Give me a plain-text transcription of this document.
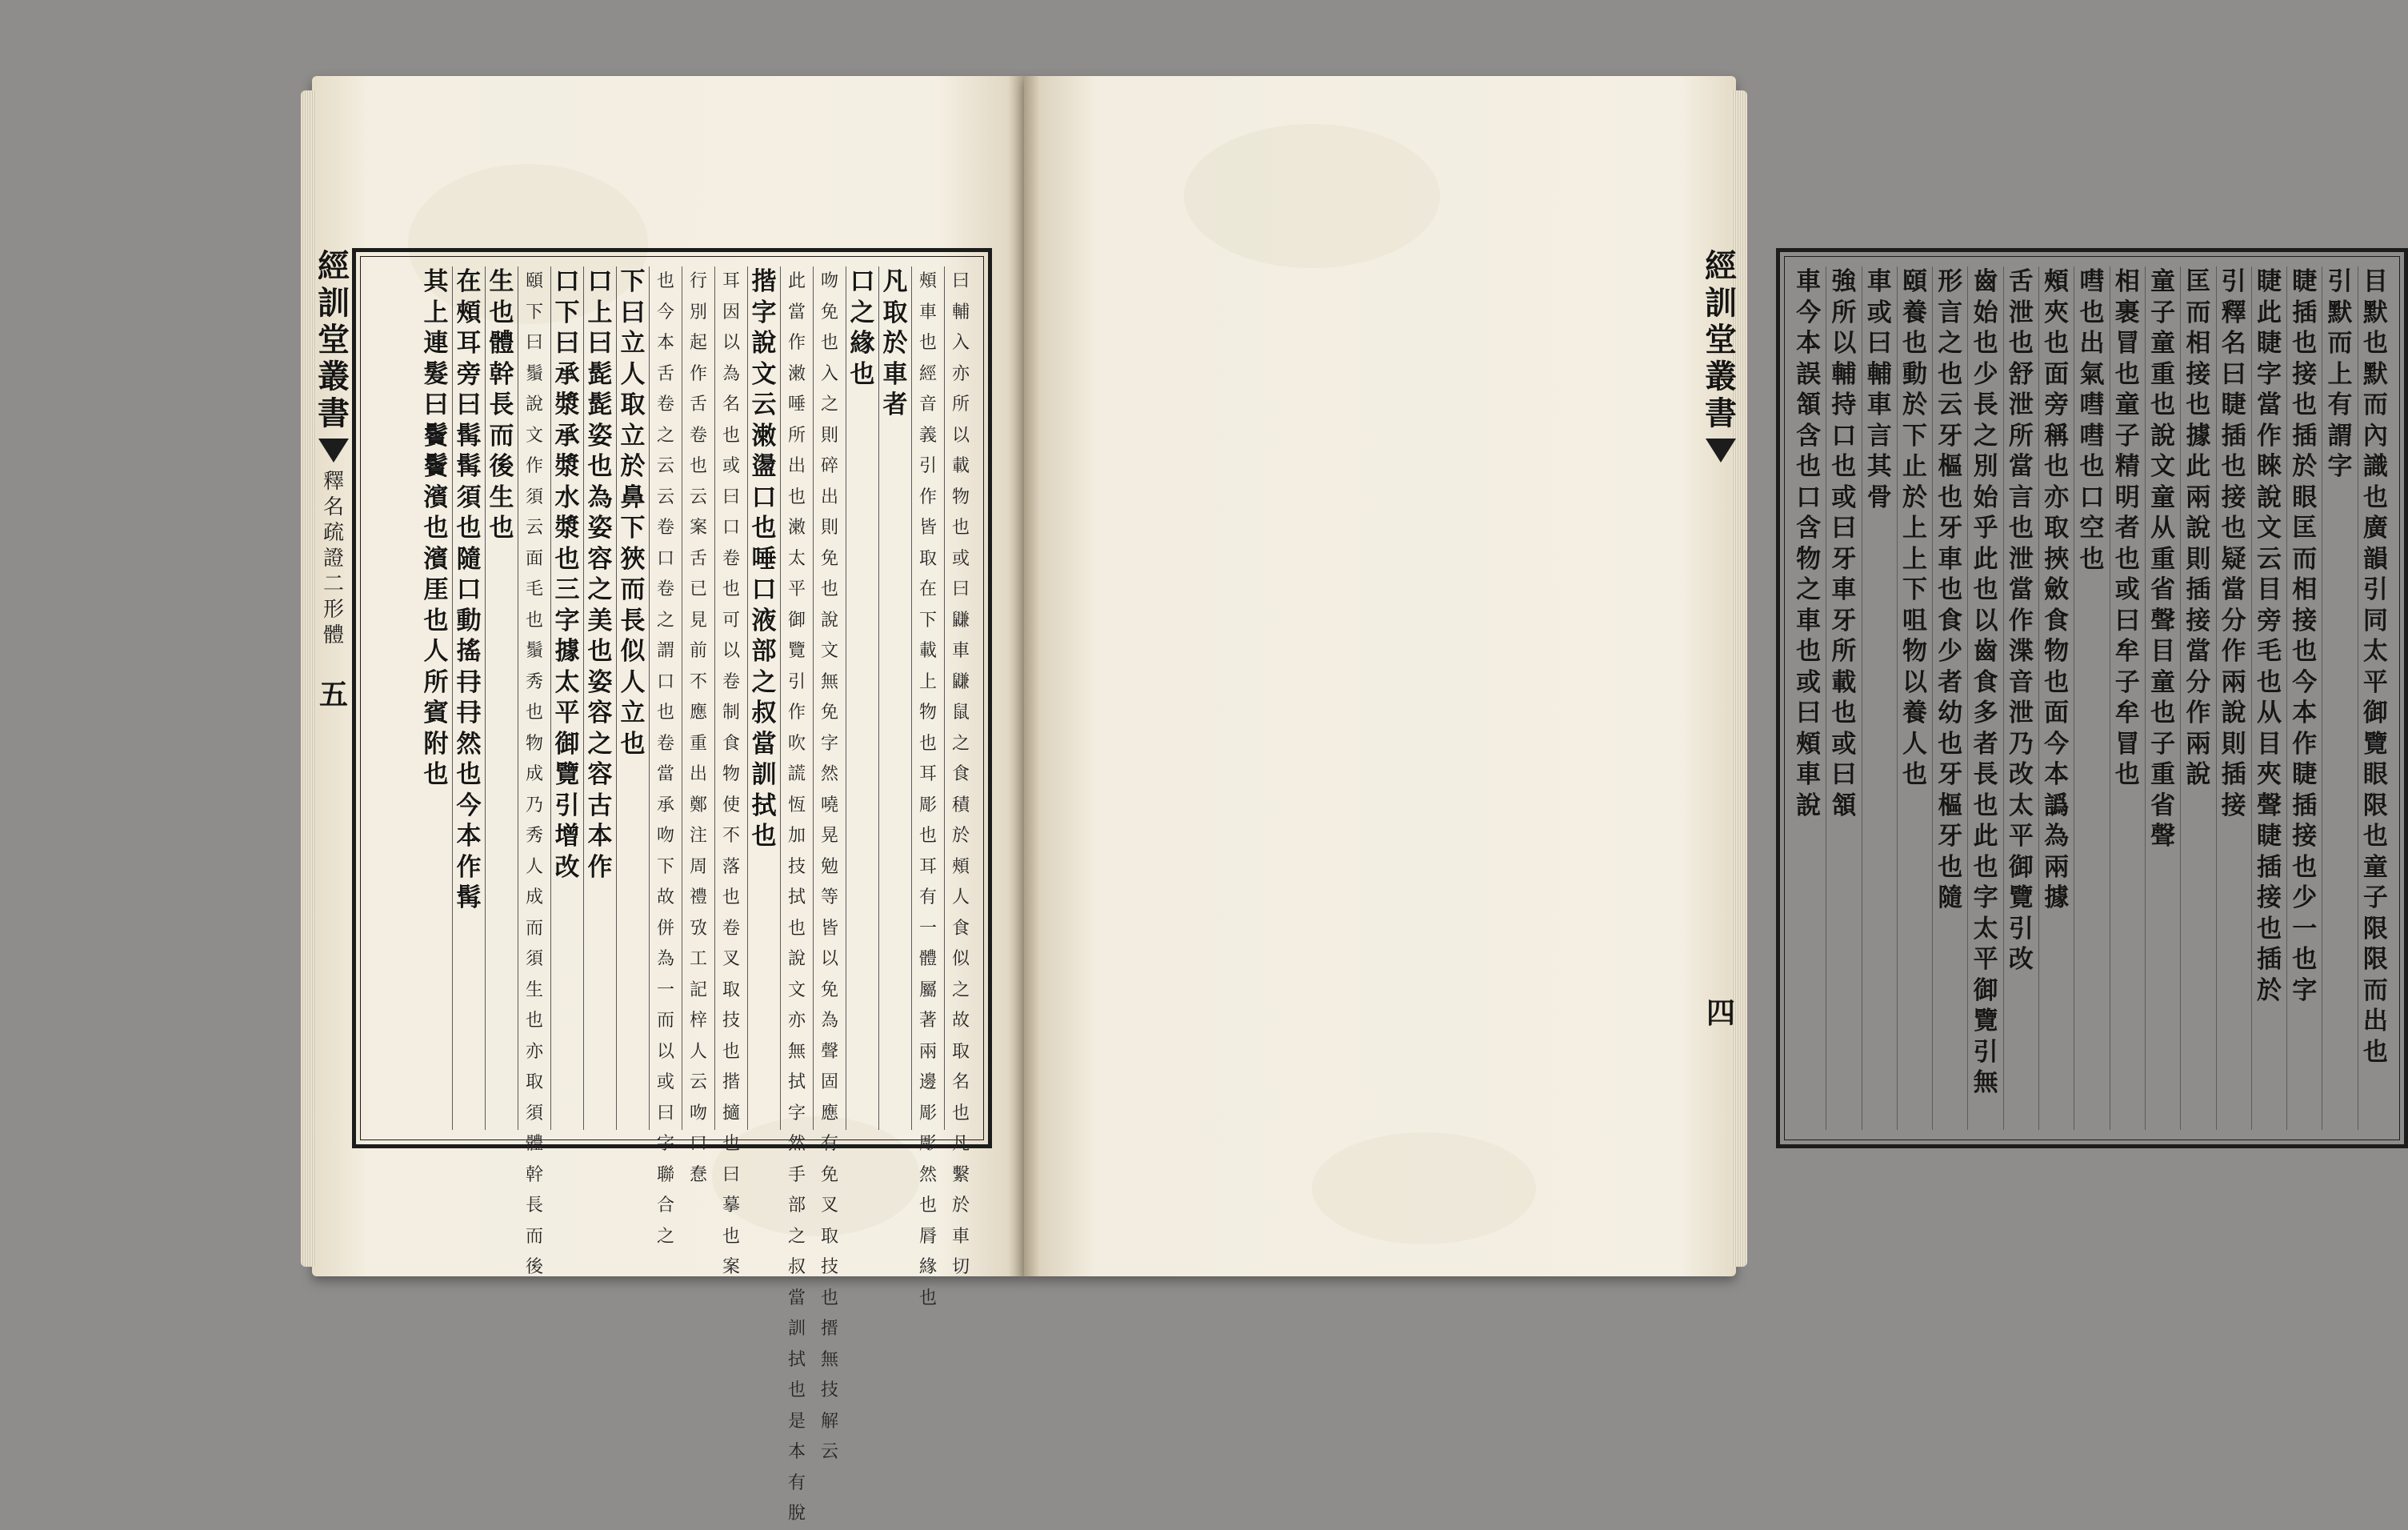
經
訓
堂
叢
書
釋
名
疏
證
二
形
體
五
曰
輔
入
亦
所
以
載
物
也
或
曰
鼸
車
鼸
鼠
之
食
積
於
頰
人
食
似
之
故
取
名
也
凡
繫
於
車
切
頰
車
也
經
音
義
引
作
皆
取
在
下
載
上
物
也
耳
彫
也
耳
有
一
體
屬
著
兩
邊
彫
彫
然
也
脣
緣
也
凡
取
於
車
者
口
之
緣
也
吻
免
也
入
之
則
碎
出
則
免
也
說
文
無
免
字
然
嘵
晃
勉
等
皆
以
免
為
聲
固
應
有
免
叉
取
技
也
搢
無
技
解
云
此
當
作
潄
唾
所
出
也
潄
太
平
御
覽
引
作
吹
謊
恆
加
技
拭
也
說
文
亦
無
拭
字
然
手
部
之
叔
當
訓
拭
也
是
本
有
脫
揩
字
說
文
云
潄
盪
口
也
唾
口
液
部
之
叔
當
訓
拭
也
耳
因
以
為
名
也
或
曰
口
卷
也
可
以
卷
制
食
物
使
不
落
也
卷
叉
取
技
也
揩
擿
也
曰
摹
也
案
行
別
起
作
舌
卷
也
云
案
舌
已
見
前
不
應
重
出
鄭
注
周
禮
攷
工
記
梓
人
云
吻
口
惷
也
今
本
舌
卷
之
云
云
卷
口
卷
之
謂
口
也
卷
當
承
吻
下
故
併
為
一
而
以
或
曰
字
聯
合
之
下
曰
立
人
取
立
於
鼻
下
狹
而
長
似
人
立
也
口
上
曰
髭
髭
姿
也
為
姿
容
之
美
也
姿
容
之
容
古
本
作
口
下
曰
承
漿
承
漿
水
漿
也
三
字
據
太
平
御
覽
引
增
改
頤
下
曰
鬚
說
文
作
須
云
面
毛
也
鬚
秀
也
物
成
乃
秀
人
成
而
須
生
也
亦
取
須
體
幹
長
而
後
生
也
體
幹
長
而
後
生
也
在
頰
耳
旁
曰
髯
髯
須
也
隨
口
動
搖
冄
冄
然
也
今
本
作
髯
其
上
連
髮
曰
鬢
鬢
濱
也
濱
厓
也
人
所
賓
附
也
目
默
也
默
而
內
識
也
廣
韻
引
同
太
平
御
覽
眼
限
也
童
子
限
限
而
出
也
引
默
而
上
有
謂
字
睫
插
也
接
也
插
於
眼
匡
而
相
接
也
今
本
作
睫
插
接
也
少
一
也
字
睫
此
睫
字
當
作
睞
說
文
云
目
旁
毛
也
从
目
夾
聲
睫
插
接
也
插
於
引
釋
名
曰
睫
插
也
接
也
疑
當
分
作
兩
說
則
插
接
匡
而
相
接
也
據
此
兩
說
則
插
接
當
分
作
兩
說
童
子
童
重
也
說
文
童
从
重
省
聲
目
童
也
子
重
省
聲
相
裹
冒
也
童
子
精
明
者
也
或
曰
牟
子
牟
冒
也
嘒
也
出
氣
嘒
嘒
也
口
空
也
頰
夾
也
面
旁
稱
也
亦
取
挾
斂
食
物
也
面
今
本
譌
為
兩
據
舌
泄
也
舒
泄
所
當
言
也
泄
當
作
渫
音
泄
乃
改
太
平
御
覽
引
改
齒
始
也
少
長
之
別
始
乎
此
也
以
齒
食
多
者
長
也
此
也
字
太
平
御
覽
引
無
形
言
之
也
云
牙
樞
也
牙
車
也
食
少
者
幼
也
牙
樞
牙
也
隨
頤
養
也
動
於
下
止
於
上
上
下
咀
物
以
養
人
也
車
或
曰
輔
車
言
其
骨
強
所
以
輔
持
口
也
或
曰
牙
車
牙
所
載
也
或
曰
頷
車
今
本
誤
頷
含
也
口
含
物
之
車
也
或
曰
頰
車
說
經
訓
堂
叢
書
四
